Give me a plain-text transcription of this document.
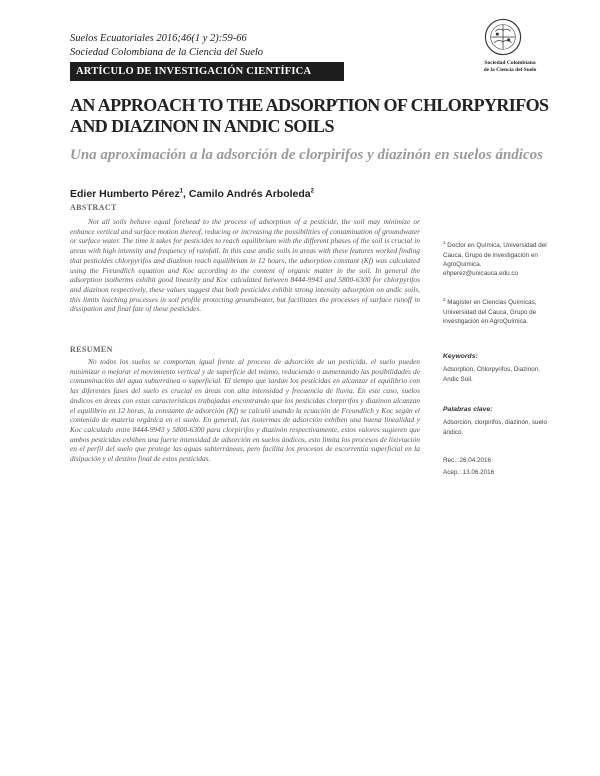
Suelos Ecuatoriales 2016;46(1 y 2):59-66
Sociedad Colombiana de la Ciencia del Suelo
ARTÍCULO DE INVESTIGACIÓN CIENTÍFICA
Sociedad Colombiana
de la Ciencia del Suelo
AN APPROACH TO THE ADSORPTION OF CHLORPYRIFOS
AND DIAZINON IN ANDIC SOILS
Una aproximación a la adsorción de clorpirifos y diazinón en suelos ándicos
Edier Humberto Pérez$^1$, Camilo Andrés Arboleda$^2$
ABSTRACT

Not all soils behave equal forehead to the process of adsorption of a pesticide, the soil may minimize or enhance vertical and surface motion thereof, reducing or increasing the possibilities of contamination of groundwater or surface water. The time it takes for pesticides to reach equilibrium with the different phases of the soil is crucial in areas with high intensity and frequency of rainfall. In this case andic soils in areas with these features worked finding that pesticides chlorpyrifos and diazinon reach equilibrium in 12 hours, the adsorption constant (Kf) was calculated using the Freundlich equation and Koc according to the content of organic matter in the soil. In general the adsorption isotherms exhibit good linearity and Koc calculated between 8444-9943 and 5800-6300 for chlorpyrifos and diazinon respectively, these values suggest that both pesticides exhibit strong intensity adsorption on andic soils, this limits leaching processes in soil profile protecting groundwater, but facilitates the processes of surface runoff in dissipation and final fate of these pesticides.

RESUMEN

No todos los suelos se comportan igual frente al proceso de adsorción de un pesticida, el suelo pueden minimizar o mejorar el movimiento vertical y de superficie del mismo, reduciendo o aumentando las posibilidades de contaminación del agua subterránea o superficial. El tiempo que tardan los pesticidas en alcanzar el equilibrio con las diferentes fases del suelo es crucial en áreas con alta intensidad y frecuencia de lluvia. En este caso, suelos ándicos en áreas con estas características trabajadas encontrando que los pesticidas clorpirifos y diazinon alcanzan el equilibrio en 12 horas, la constante de adsorción (Kf) se calculó usando la ecuación de Freundlich y Koc según el contenido de materia orgánica en el suelo. En general, las isotermas de adsorción exhiben una buena linealidad y Koc calculado entre 8444-9943 y 5800-6300 para clorpirifos y diazinón respectivamente, estos valores sugieren que ambos pesticidas exhiben una fuerte intensidad de adsorción en suelos ándicos, esto limita los procesos de lixiviación en el perfil del suelo que protege las aguas subterráneas, pero facilita los procesos de escorrentía superficial en la disipación y el destino final de estos pesticidas.

$^1$ Doctor en Química, Universidad del Cauca, Grupo de investigación en AgroQuímica.
ehperez@unicauca.edu.co
$^2$ Magíster en Ciencias Químicas, Universidad del Cauca, Grupo de investigación en AgroQuímica.
Keywords:
Adsorption, Chlorpyrifos, Diazinon, Andic Soil.
Palabras clave:
Adsorción, clorpirifos, diazinón, suelo ándico.
Rec.: 26.04.2016
Acep.: 13.06.2016
